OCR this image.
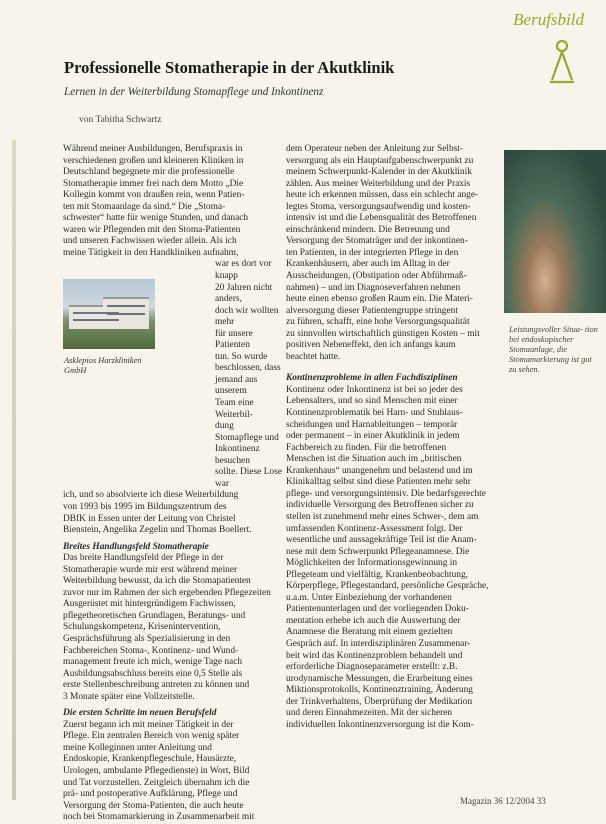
Berufsbild
Professionelle Stomatherapie in der Akutklinik
Lernen in der Weiterbildung Stomapflege und Inkontinenz
von Tabitha Schwartz

Während meiner Ausbildungen, Berufspraxis in

verschiedenen großen und kleineren Kliniken in

Deutschland begegnete mir die professionelle

Stomatherapie immer frei nach dem Motto „Die

Kollegin kommt von draußen rein, wenn Patien-

ten mit Stomaanlage da sind.“ Die „Stoma-

schwester“ hatte für wenige Stunden, und danach

waren wir Pflegenden mit den Stoma-Patienten

und unseren Fachwissen wieder allein. Als ich

meine Tätigkeit in den Handkliniken aufnahm,

war es dort vor knapp

20 Jahren nicht anders,

doch wir wollten mehr

für unsere Patienten

tun. So wurde

beschlossen, dass

jemand aus unserem

Team eine Weiterbil-

dung Stomapflege und

Inkontinenz besuchen

sollte. Diese Lose war

ich, und so absolvierte ich diese Weiterbildung

von 1993 bis 1995 im Bildungszentrum des

DBfK in Essen unter der Leitung von Christel

Bienstein, Angelika Zegelin und Thomas Boellert.

Breites Handlungsfeld Stomatherapie

Das breite Handlungsfeld der Pflege in der

Stomatherapie wurde mir erst während meiner

Weiterbildung bewusst, da ich die Stomapatienten

zuvor nur im Rahmen der sich ergebenden Pflegezeiten

Ausgerüstet mit hintergründigem Fachwissen,

pflegetheoretischen Grundlagen, Beratungs- und

Schulungskompetenz, Krisenintervention,

Gesprächsführung als Spezialisierung in den

Fachbereichen Stoma-, Kontinenz- und Wund-

management freute ich mich, wenige Tage nach

Ausbildungsabschluss bereits eine 0,5 Stelle als

erste Stellenbeschreibung antreten zu können und

3 Monate später eine Vollzeitstelle.

Die ersten Schritte im neuen Berufsfeld

Zuerst begann ich mit meiner Tätigkeit in der

Pflege. Ein zentralen Bereich von wenig später

meine Kolleginnen unter Anleitung und

Endoskopie, Krankenpflegeschule, Hausärzte,

Urologen, ambulante Pflegedienste) in Wort, Bild

und Tat vorzustellen. Zeitgleich übernahm ich die

prä- und postoperative Aufklärung, Pflege und

Versorgung der Stoma-Patienten, die auch heute

noch bei Stomamarkierung in Zusammenarbeit mit

Asklepios Harzkliniken GmbH

dem Operateur neben der Anleitung zur Selbst-

versorgung als ein Hauptaufgabenschwerpunkt zu

meinem Schwerpunkt-Kalender in der Akutklinik

zählen. Aus meiner Weiterbildung und der Praxis

heute ich erkennen müssen, dass ein schlecht ange-

legtes Stoma, versorgungsaufwendig und kosten-

intensiv ist und die Lebensqualität des Betroffenen

einschränkend mindern. Die Betreuung und

Versorgung der Stomaträger und der inkontinen-

ten Patienten, in der integrierten Pflege in den

Krankenhäusern, aber auch im Alltag in der

Ausscheidungen, (Obstipation oder Abführmaß-

nahmen) – und im Diagnoseverfahren nehmen

heute einen ebenso großen Raum ein. Die Materi-

alversorgung dieser Patientengruppe stringent

zu führen, schafft, eine hohe Versorgungsqualität

zu sinnvollen wirtschaftlich günstigen Kosten – mit

positiven Nebeneffekt, den ich anfangs kaum

beachtet hatte.

Kontinenzprobleme in allen Fachdisziplinen

Kontinenz oder Inkontinenz ist bei so jeder des

Lebensalters, und so sind Menschen mit einer

Kontinenzproblematik bei Harn- und Stuhlaus-

scheidungen und Harnableitungen – temporär

oder permanent – in einer Akutklinik in jedem

Fachbereich zu finden. Für die betroffenen

Menschen ist die Situation auch im „britischen

Krankenhaus“ unangenehm und belastend und im

Klinikalltag selbst sind diese Patienten mehr sehr

pflege- und versorgungsintensiv. Die bedarfsgerechte

individuelle Versorgung des Betroffenen sicher zu

stellen ist zunehmend mehr eines Schwer-, dem am

umfassenden Kontinenz-Assessment folgt. Der

wesentliche und aussagekräftige Teil ist die Anam-

nese mit dem Schwerpunkt Pflegeanamnese. Die

Möglichkeiten der Informationsgewinnung in

Pflegeteam und vielfältig, Krankenbeobachtung,

Körperpflege, Pflegestandard, persönliche Gespräche,

u.a.m. Unter Einbeziehung der vorhandenen

Patientenunterlagen und der vorliegenden Doku-

mentation erhebe ich auch die Auswertung der

Anamnese die Beratung mit einem gezielten

Gespräch auf. In interdisziplinären Zusammenar-

beit wird das Kontinenzproblem behandelt und

erforderliche Diagnoseparameter erstellt: z.B.

urodynamische Messungen, die Erarbeitung eines

Miktionsprotokolls, Kontinenztraining, Änderung

der Trinkverhaltens, Überprüfung der Medikation

und deren Einnahmezeiten. Mit der sicheren

individuellen Inkontinenzversorgung ist die Kom-

Leistungsvoller Situa- tion bei endoskopischer Stomaanlage, die Stomamarkierung ist gut zu sehen.
Magazin 36 12/2004 33
